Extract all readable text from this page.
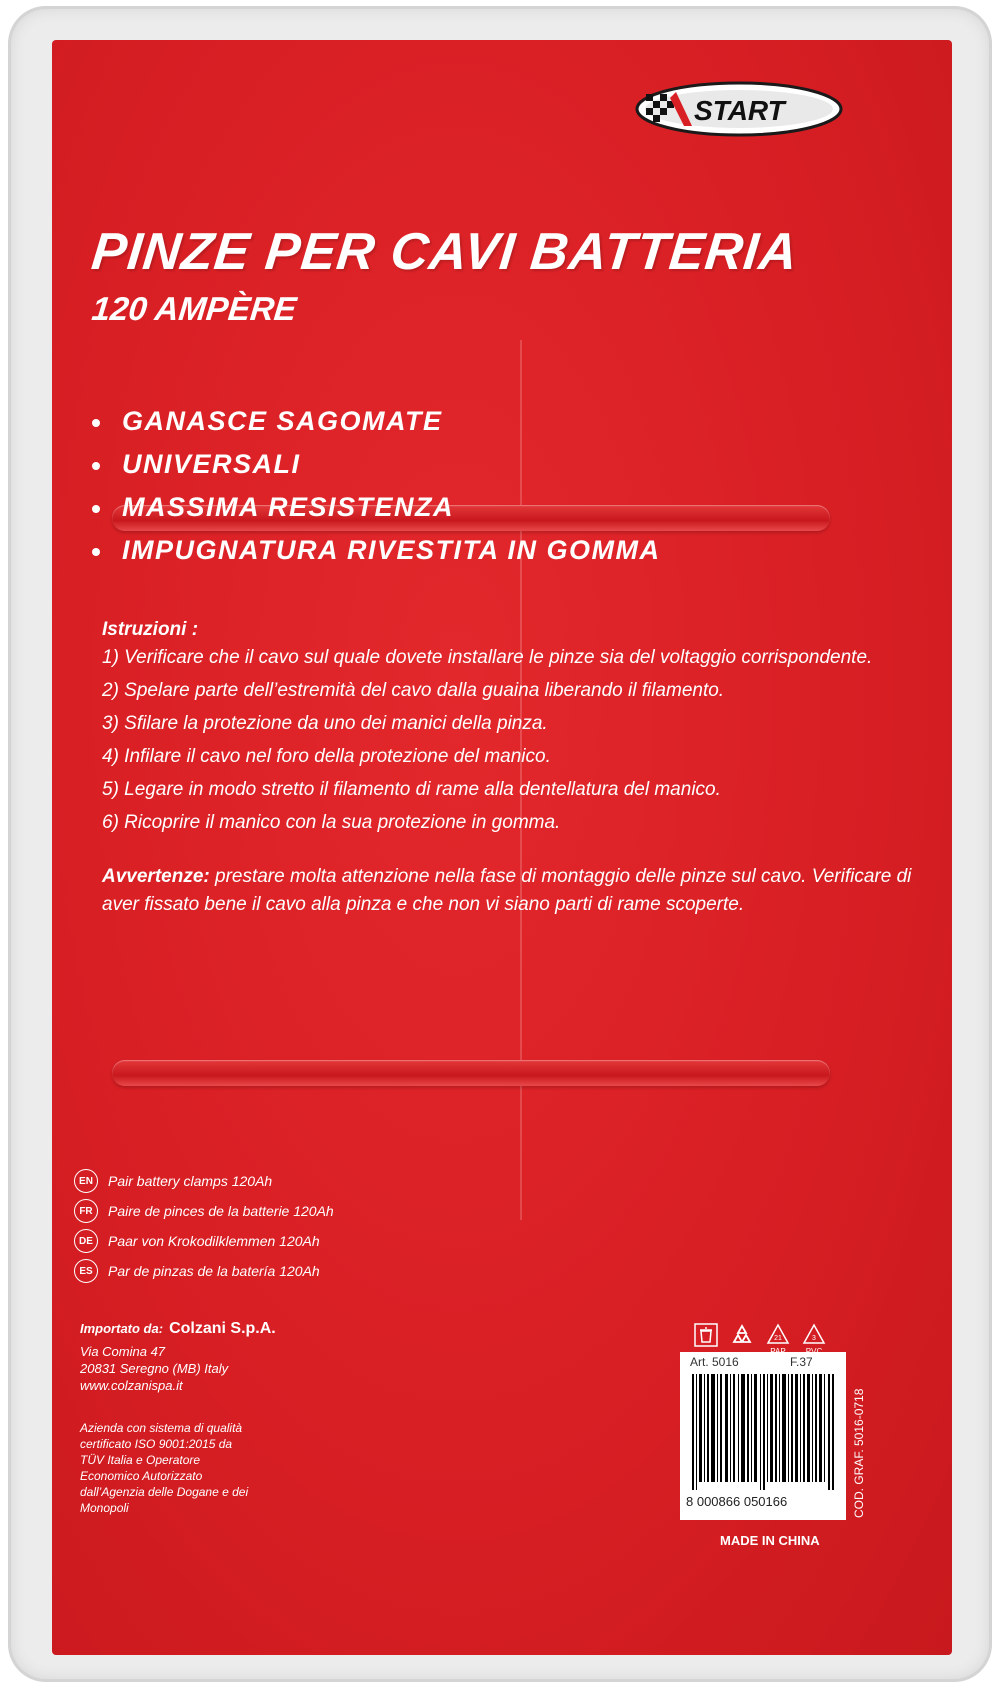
START
PINZE PER CAVI BATTERIA
120 AMPÈRE
GANASCE SAGOMATE
UNIVERSALI
MASSIMA RESISTENZA
IMPUGNATURA RIVESTITA IN GOMMA
Istruzioni :

1) Verificare che il cavo sul quale dovete installare le pinze sia del voltaggio corrispondente.

2) Spelare parte dell’estremità del cavo dalla guaina liberando il filamento.

3) Sfilare la protezione da uno dei manici della pinza.

4) Infilare il cavo nel foro della protezione del manico.

5) Legare in modo stretto il filamento di rame alla dentellatura del manico.

6) Ricoprire il manico con la sua protezione in gomma.

Avvertenze: prestare molta attenzione nella fase di montaggio delle pinze sul cavo. Verificare di aver fissato bene il cavo alla pinza e che non vi siano parti di rame scoperte.
EN	Pair battery clamps 120Ah
FR	Paire de pinces de la batterie 120Ah
DE	Paar von Krokodilklemmen 120Ah
ES	Par de pinzas de la batería 120Ah
Importato da: Colzani S.p.A.
Via Comina 47
20831 Seregno (MB) Italy
www.colzanispa.it
Azienda con sistema di qualità certificato ISO 9001:2015 da TÜV Italia e Operatore Economico Autorizzato dall’Agenzia delle Dogane e dei Monopoli
21	3
Art. 5016	F.37
8 000866 050166
MADE IN CHINA
COD. GRAF. 5016-0718
